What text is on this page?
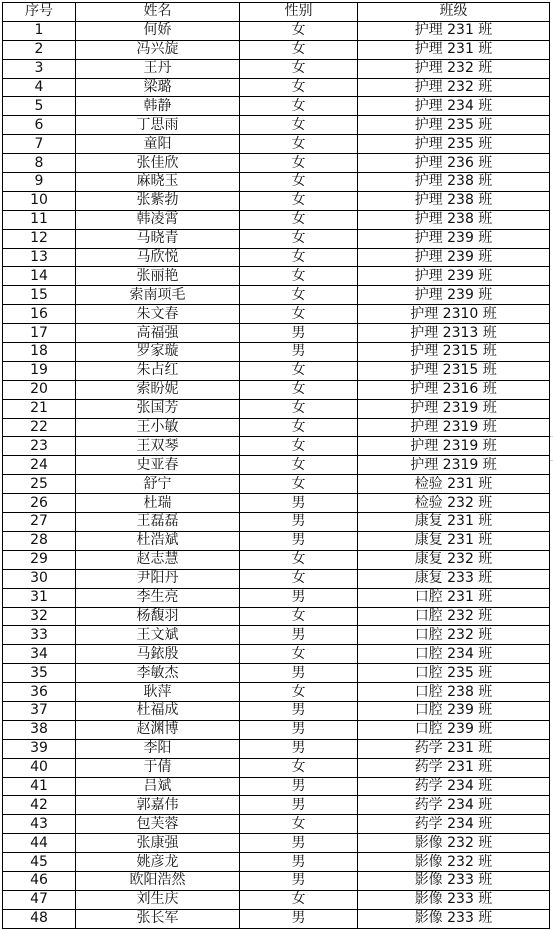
序号	姓名	性别	班级
1	何娇	女	护理 231 班
2	冯兴旋	女	护理 231 班
3	王丹	女	护理 232 班
4	梁璐	女	护理 232 班
5	韩静	女	护理 234 班
6	丁思雨	女	护理 235 班
7	童阳	女	护理 235 班
8	张佳欣	女	护理 236 班
9	麻晓玉	女	护理 238 班
10	张紫勃	女	护理 238 班
11	韩凌霄	女	护理 238 班
12	马晓青	女	护理 239 班
13	马欣悦	女	护理 239 班
14	张丽艳	女	护理 239 班
15	索南项毛	女	护理 239 班
16	朱文春	女	护理 2310 班
17	高福强	男	护理 2313 班
18	罗家璇	男	护理 2315 班
19	朱占红	女	护理 2315 班
20	索盼妮	女	护理 2316 班
21	张国芳	女	护理 2319 班
22	王小敏	女	护理 2319 班
23	王双琴	女	护理 2319 班
24	史亚春	女	护理 2319 班
25	舒宁	女	检验 231 班
26	杜瑞	男	检验 232 班
27	王磊磊	男	康复 231 班
28	杜浩斌	男	康复 231 班
29	赵志慧	女	康复 232 班
30	尹阳丹	女	康复 233 班
31	李生亮	男	口腔 231 班
32	杨馥羽	女	口腔 232 班
33	王文斌	男	口腔 232 班
34	马銥殷	女	口腔 234 班
35	李敏杰	男	口腔 235 班
36	耿萍	女	口腔 238 班
37	杜福成	男	口腔 239 班
38	赵渊博	男	口腔 239 班
39	李阳	男	药学 231 班
40	于倩	女	药学 231 班
41	吕斌	男	药学 234 班
42	郭嘉伟	男	药学 234 班
43	包芙蓉	女	药学 234 班
44	张康强	男	影像 232 班
45	姚彦龙	男	影像 232 班
46	欧阳浩然	男	影像 233 班
47	刘生庆	女	影像 233 班
48	张长军	男	影像 233 班
